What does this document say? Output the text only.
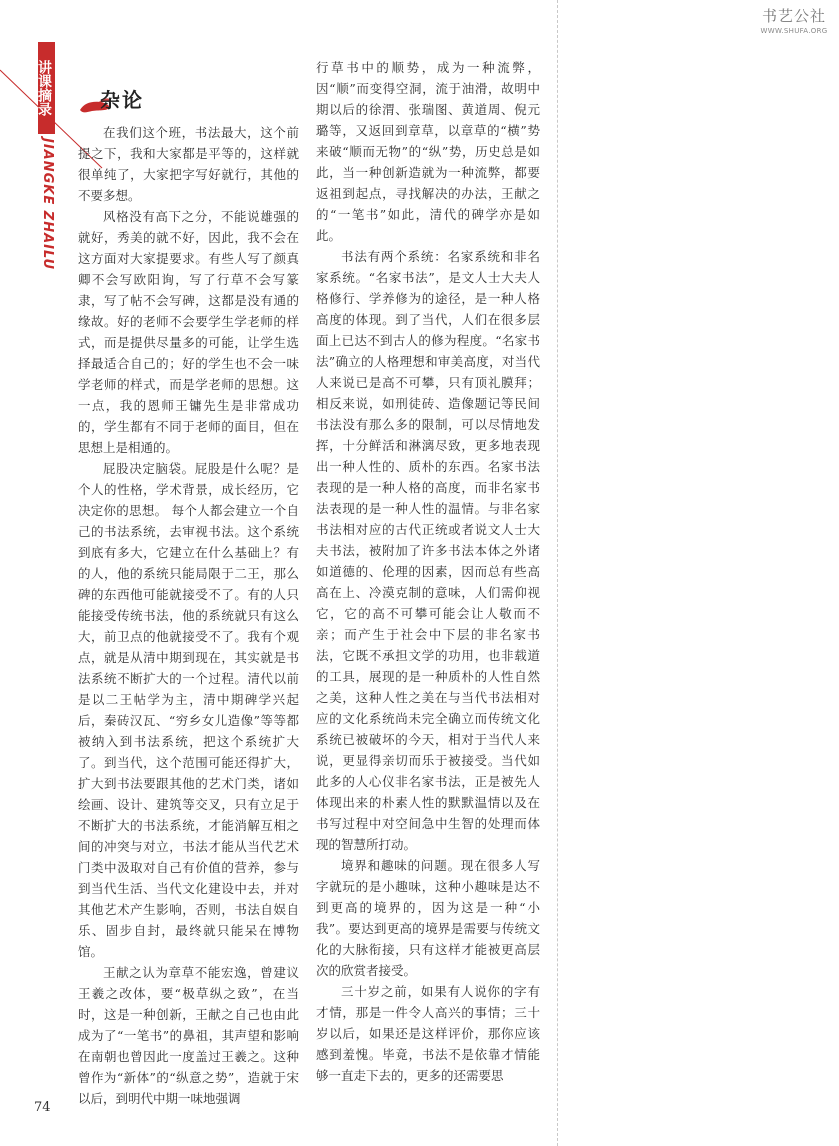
书艺公社
WWW.SHUFA.ORG
讲课摘录
JIANGKE ZHAILU
杂论

在我们这个班，书法最大，这个前提之下，我和大家都是平等的，这样就很单纯了，大家把字写好就行，其他的不要多想。

风格没有高下之分，不能说雄强的就好，秀美的就不好，因此，我不会在这方面对大家提要求。有些人写了颜真卿不会写欧阳询，写了行草不会写篆隶，写了帖不会写碑，这都是没有通的缘故。好的老师不会要学生学老师的样式，而是提供尽量多的可能，让学生选择最适合自己的；好的学生也不会一味学老师的样式，而是学老师的思想。这一点，我的恩师王镛先生是非常成功的，学生都有不同于老师的面目，但在思想上是相通的。

屁股决定脑袋。屁股是什么呢？是个人的性格，学术背景，成长经历，它决定你的思想。 每个人都会建立一个自己的书法系统，去审视书法。这个系统到底有多大，它建立在什么基础上？有的人，他的系统只能局限于二王，那么碑的东西他可能就接受不了。有的人只能接受传统书法，他的系统就只有这么大，前卫点的他就接受不了。我有个观点，就是从清中期到现在，其实就是书法系统不断扩大的一个过程。清代以前是以二王帖学为主，清中期碑学兴起后，秦砖汉瓦、“穷乡女儿造像”等等都被纳入到书法系统，把这个系统扩大了。到当代，这个范围可能还得扩大，扩大到书法要跟其他的艺术门类，诸如绘画、设计、建筑等交叉，只有立足于不断扩大的书法系统，才能消解互相之间的冲突与对立，书法才能从当代艺术门类中汲取对自己有价值的营养，参与到当代生活、当代文化建设中去，并对其他艺术产生影响，否则，书法自娱自乐、固步自封，最终就只能呆在博物馆。

王献之认为章草不能宏逸，曾建议王羲之改体，要“极草纵之致”，在当时，这是一种创新，王献之自己也由此成为了“一笔书”的鼻祖，其声望和影响在南朝也曾因此一度盖过王羲之。这种曾作为“新体”的“纵意之势”，造就于宋以后，到明代中期一味地强调

行草书中的顺势，成为一种流弊，因“顺”而变得空洞，流于油滑，故明中期以后的徐渭、张瑞图、黄道周、倪元璐等，又返回到章草，以章草的“横”势来破“顺而无物”的“纵”势，历史总是如此，当一种创新造就为一种流弊，都要返祖到起点，寻找解决的办法，王献之的“一笔书”如此，清代的碑学亦是如此。

书法有两个系统：名家系统和非名家系统。“名家书法”，是文人士大夫人格修行、学养修为的途径，是一种人格高度的体现。到了当代，人们在很多层面上已达不到古人的修为程度。“名家书法”确立的人格理想和审美高度，对当代人来说已是高不可攀，只有顶礼膜拜；相反来说，如刑徒砖、造像题记等民间书法没有那么多的限制，可以尽情地发挥，十分鲜活和淋漓尽致，更多地表现出一种人性的、质朴的东西。名家书法表现的是一种人格的高度，而非名家书法表现的是一种人性的温情。与非名家书法相对应的古代正统或者说文人士大夫书法，被附加了许多书法本体之外诸如道德的、伦理的因素，因而总有些高高在上、冷漠克制的意味，人们需仰视它，它的高不可攀可能会让人敬而不亲；而产生于社会中下层的非名家书法，它既不承担文学的功用，也非载道的工具，展现的是一种质朴的人性自然之美，这种人性之美在与当代书法相对应的文化系统尚未完全确立而传统文化系统已被破坏的今天，相对于当代人来说，更显得亲切而乐于被接受。当代如此多的人心仪非名家书法，正是被先人体现出来的朴素人性的默默温情以及在书写过程中对空间急中生智的处理而体现的智慧所打动。

境界和趣味的问题。现在很多人写字就玩的是小趣味，这种小趣味是达不到更高的境界的，因为这是一种“小我”。要达到更高的境界是需要与传统文化的大脉衔接，只有这样才能被更高层次的欣赏者接受。

三十岁之前，如果有人说你的字有才情，那是一件令人高兴的事情；三十岁以后，如果还是这样评价，那你应该感到羞愧。毕竟，书法不是依靠才情能够一直走下去的，更多的还需要思

74
